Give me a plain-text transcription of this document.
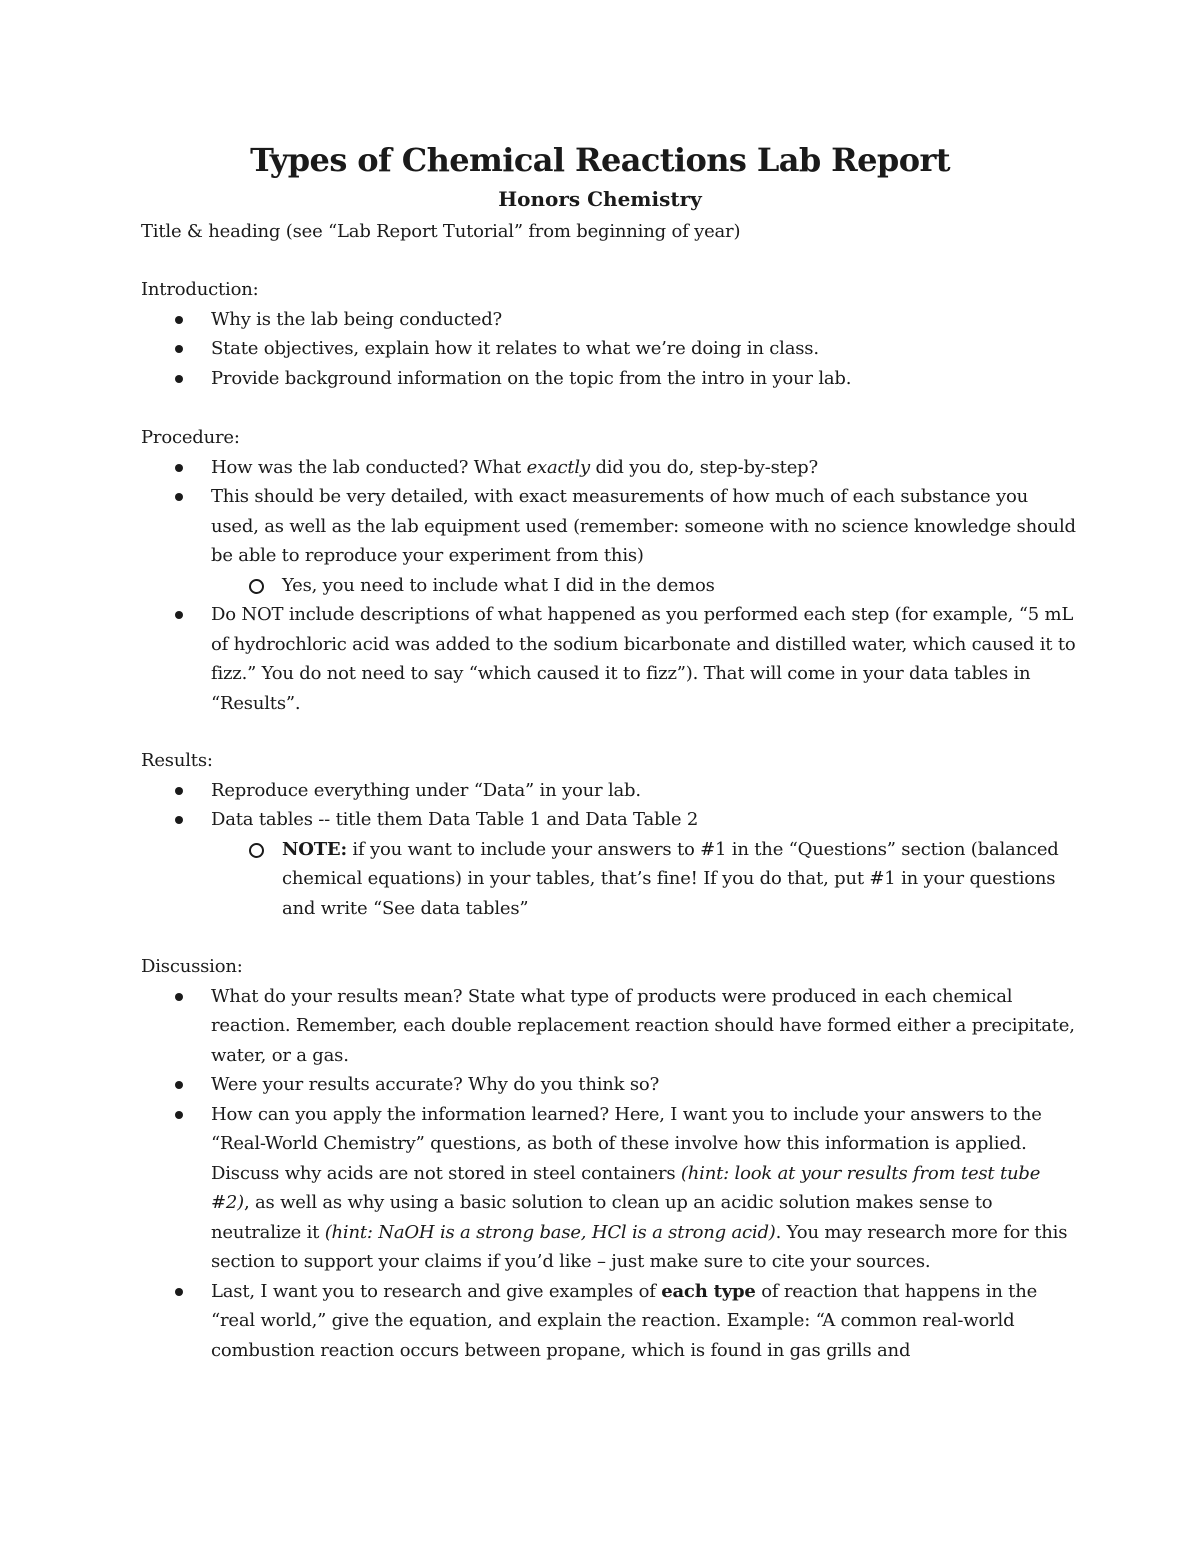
Types of Chemical Reactions Lab Report
Honors Chemistry
Title & heading (see “Lab Report Tutorial” from beginning of year)
Introduction:
Why is the lab being conducted?
State objectives, explain how it relates to what we’re doing in class.
Provide background information on the topic from the intro in your lab.
Procedure:
How was the lab conducted? What exactly did you do, step-by-step?
This should be very detailed, with exact measurements of how much of each substance you used, as well as the lab equipment used (remember: someone with no science knowledge should be able to reproduce your experiment from this)
Yes, you need to include what I did in the demos
Do NOT include descriptions of what happened as you performed each step (for example, “5 mL of hydrochloric acid was added to the sodium bicarbonate and distilled water, which caused it to fizz.” You do not need to say “which caused it to fizz”). That will come in your data tables in “Results”.
Results:
Reproduce everything under “Data” in your lab.
Data tables -- title them Data Table 1 and Data Table 2
NOTE: if you want to include your answers to #1 in the “Questions” section (balanced chemical equations) in your tables, that’s fine! If you do that, put #1 in your questions and write “See data tables”
Discussion:
What do your results mean? State what type of products were produced in each chemical reaction. Remember, each double replacement reaction should have formed either a precipitate, water, or a gas.
Were your results accurate? Why do you think so?
How can you apply the information learned? Here, I want you to include your answers to the “Real-World Chemistry” questions, as both of these involve how this information is applied. Discuss why acids are not stored in steel containers (hint: look at your results from test tube #2), as well as why using a basic solution to clean up an acidic solution makes sense to neutralize it (hint: NaOH is a strong base, HCl is a strong acid). You may research more for this section to support your claims if you’d like – just make sure to cite your sources.
Last, I want you to research and give examples of each type of reaction that happens in the “real world,” give the equation, and explain the reaction. Example: “A common real-world combustion reaction occurs between propane, which is found in gas grills and
